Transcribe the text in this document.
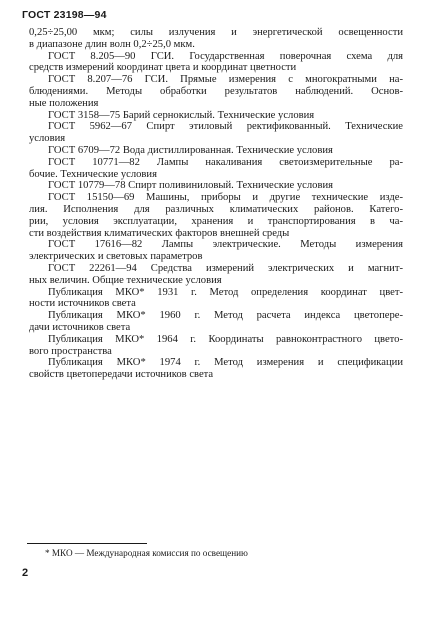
ГОСТ 23198—94
0,25÷25,00 мкм; силы излучения и энергетической освещенности
в диапазоне длин волн 0,2÷25,0 мкм.
ГОСТ 8.205—90 ГСИ. Государственная поверочная схема для
средств измерений координат цвета и координат цветности
ГОСТ 8.207—76 ГСИ. Прямые измерения с многократными на-
блюдениями. Методы обработки результатов наблюдений. Основ-
ные положения
ГОСТ 3158—75 Барий сернокислый. Технические условия
ГОСТ 5962—67 Спирт этиловый ректификованный. Технические
условия
ГОСТ 6709—72 Вода дистиллированная. Технические условия
ГОСТ 10771—82 Лампы накаливания светоизмерительные ра-
бочие. Технические условия
ГОСТ 10779—78 Спирт поливиниловый. Технические условия
ГОСТ 15150—69 Машины, приборы и другие технические изде-
лия. Исполнения для различных климатических районов. Катего-
рии, условия эксплуатации, хранения и транспортирования в ча-
сти воздействия климатических факторов внешней среды
ГОСТ 17616—82 Лампы электрические. Методы измерения
электрических и световых параметров
ГОСТ 22261—94 Средства измерений электрических и магнит-
ных величин. Общие технические условия
Публикация МКО* 1931 г. Метод определения координат цвет-
ности источников света
Публикация МКО* 1960 г. Метод расчета индекса цветопере-
дачи источников света
Публикация МКО* 1964 г. Координаты равноконтрастного цвето-
вого пространства
Публикация МКО* 1974 г. Метод измерения и спецификации
свойств цветопередачи источников света
* МКО — Международная комиссия по освещению
2
